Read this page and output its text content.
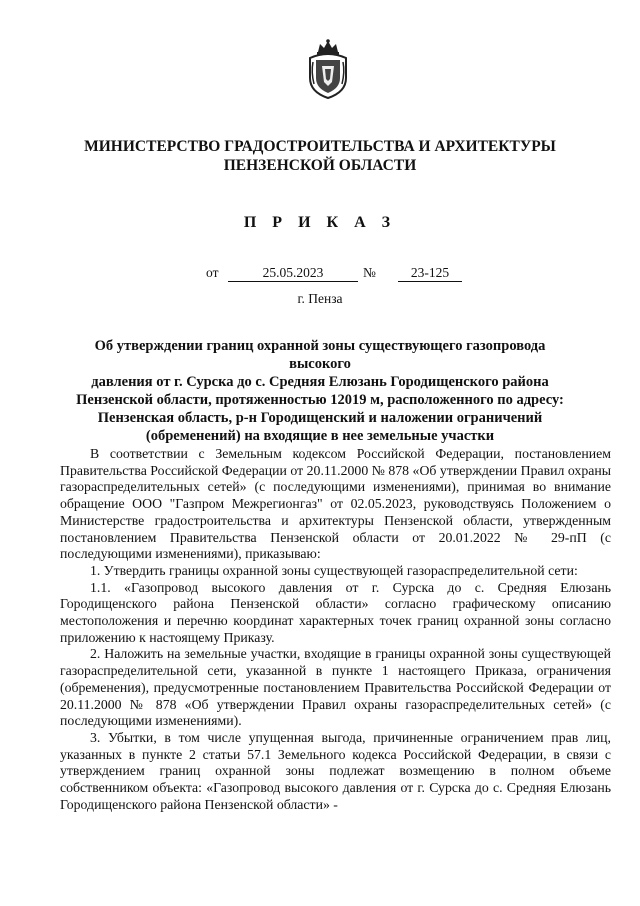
МИНИСТЕРСТВО ГРАДОСТРОИТЕЛЬСТВА И АРХИТЕКТУРЫ
ПЕНЗЕНСКОЙ ОБЛАСТИ
П Р И К А З
от	25.05.2023	№	23-125
г. Пенза
Об утверждении границ охранной зоны существующего газопровода высокого
давления от г. Сурска до с. Средняя Елюзань Городищенского района
Пензенской области, протяженностью 12019 м, расположенного по адресу:
Пензенская область, р-н Городищенский и наложении ограничений
(обременений) на входящие в нее земельные участки

В соответствии с Земельным кодексом Российской Федерации, постановлением Правительства Российской Федерации от 20.11.2000 № 878 «Об утверждении Правил охраны газораспределительных сетей» (с последующими изменениями), принимая во внимание обращение ООО "Газпром Межрегионгаз" от 02.05.2023, руководствуясь Положением о Министерстве градостроительства и архитектуры Пензенской области, утвержденным постановлением Правительства Пензенской области от 20.01.2022 № 29-пП (с последующими изменениями), приказываю:

1. Утвердить границы охранной зоны существующей газораспределительной сети:

1.1. «Газопровод высокого давления от г. Сурска до с. Средняя Елюзань Городищенского района Пензенской области» согласно графическому описанию местоположения и перечню координат характерных точек границ охранной зоны согласно приложению к настоящему Приказу.

2. Наложить на земельные участки, входящие в границы охранной зоны существующей газораспределительной сети, указанной в пункте 1 настоящего Приказа, ограничения (обременения), предусмотренные постановлением Правительства Российской Федерации от 20.11.2000 № 878 «Об утверждении Правил охраны газораспределительных сетей» (с последующими изменениями).

3. Убытки, в том числе упущенная выгода, причиненные ограничением прав лиц, указанных в пункте 2 статьи 57.1 Земельного кодекса Российской Федерации, в связи с утверждением границ охранной зоны подлежат возмещению в полном объеме собственником объекта: «Газопровод высокого давления от г. Сурска до с. Средняя Елюзань Городищенского района Пензенской области» -
